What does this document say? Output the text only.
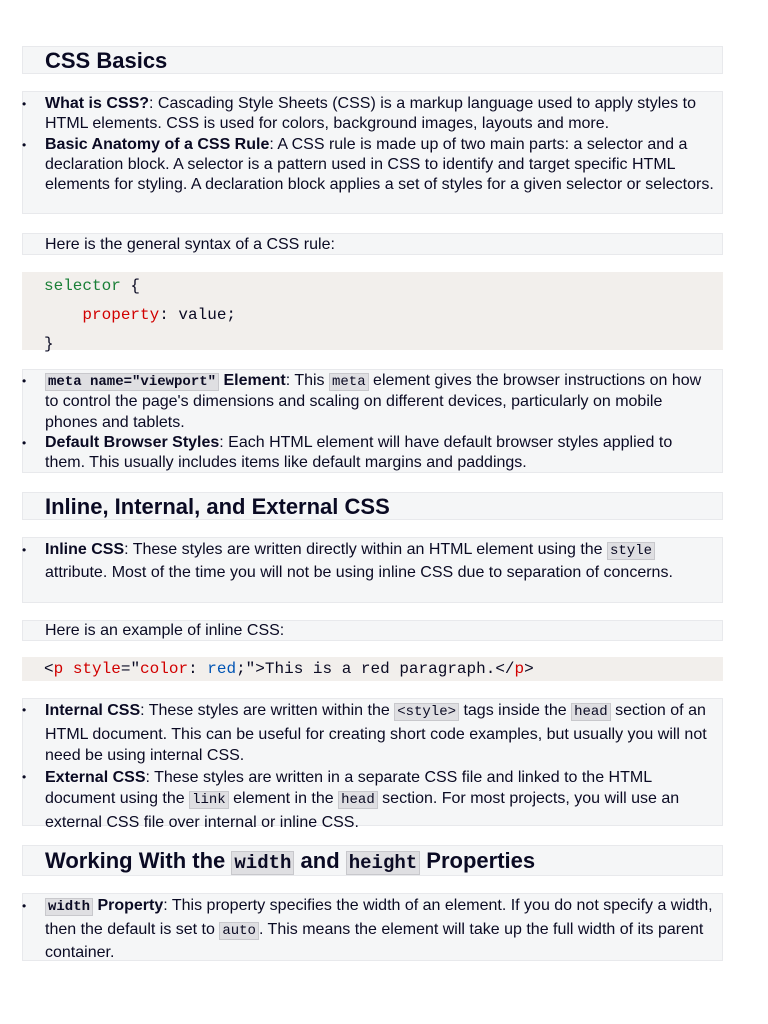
CSS Basics
• What is CSS?: Cascading Style Sheets (CSS) is a markup language used to apply styles to HTML elements. CSS is used for colors, background images, layouts and more.
• Basic Anatomy of a CSS Rule: A CSS rule is made up of two main parts: a selector and a declaration block. A selector is a pattern used in CSS to identify and target specific HTML elements for styling. A declaration block applies a set of styles for a given selector or selectors.
Here is the general syntax of a CSS rule:
selector {
property: value;
}
• meta name="viewport" Element: This meta element gives the browser instructions on how to control the page's dimensions and scaling on different devices, particularly on mobile phones and tablets.
• Default Browser Styles: Each HTML element will have default browser styles applied to them. This usually includes items like default margins and paddings.
Inline, Internal, and External CSS
• Inline CSS: These styles are written directly within an HTML element using the style attribute. Most of the time you will not be using inline CSS due to separation of concerns.
Here is an example of inline CSS:
<p style="color: red;">This is a red paragraph.</p>
• Internal CSS: These styles are written within the <style> tags inside the head section of an HTML document. This can be useful for creating short code examples, but usually you will not need be using internal CSS.
• External CSS: These styles are written in a separate CSS file and linked to the HTML document using the link element in the head section. For most projects, you will use an external CSS file over internal or inline CSS.
Working With the width and height Properties
• width Property: This property specifies the width of an element. If you do not specify a width, then the default is set to auto . This means the element will take up the full width of its parent container.
